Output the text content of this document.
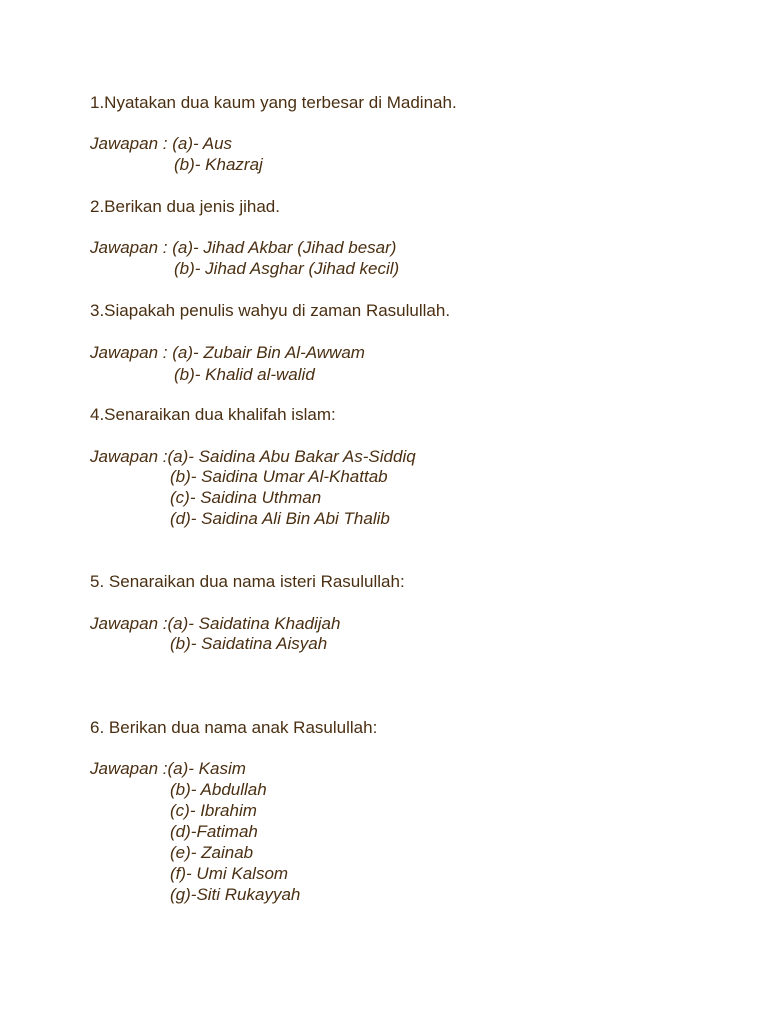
1.Nyatakan dua kaum yang terbesar di Madinah.
Jawapan : (a)- Aus
(b)- Khazraj
2.Berikan dua jenis jihad.
Jawapan : (a)- Jihad Akbar (Jihad besar)
(b)- Jihad Asghar (Jihad kecil)
3.Siapakah penulis wahyu di zaman Rasulullah.
Jawapan : (a)- Zubair Bin Al-Awwam
(b)- Khalid al-walid
4.Senaraikan dua khalifah islam:
Jawapan :(a)- Saidina Abu Bakar As-Siddiq
(b)- Saidina Umar Al-Khattab
(c)- Saidina Uthman
(d)- Saidina Ali Bin Abi Thalib
5. Senaraikan dua nama isteri Rasulullah:
Jawapan :(a)- Saidatina Khadijah
(b)- Saidatina Aisyah
6. Berikan dua nama anak Rasulullah:
Jawapan :(a)- Kasim
(b)- Abdullah
(c)- Ibrahim
(d)-Fatimah
(e)- Zainab
(f)- Umi Kalsom
(g)-Siti Rukayyah
